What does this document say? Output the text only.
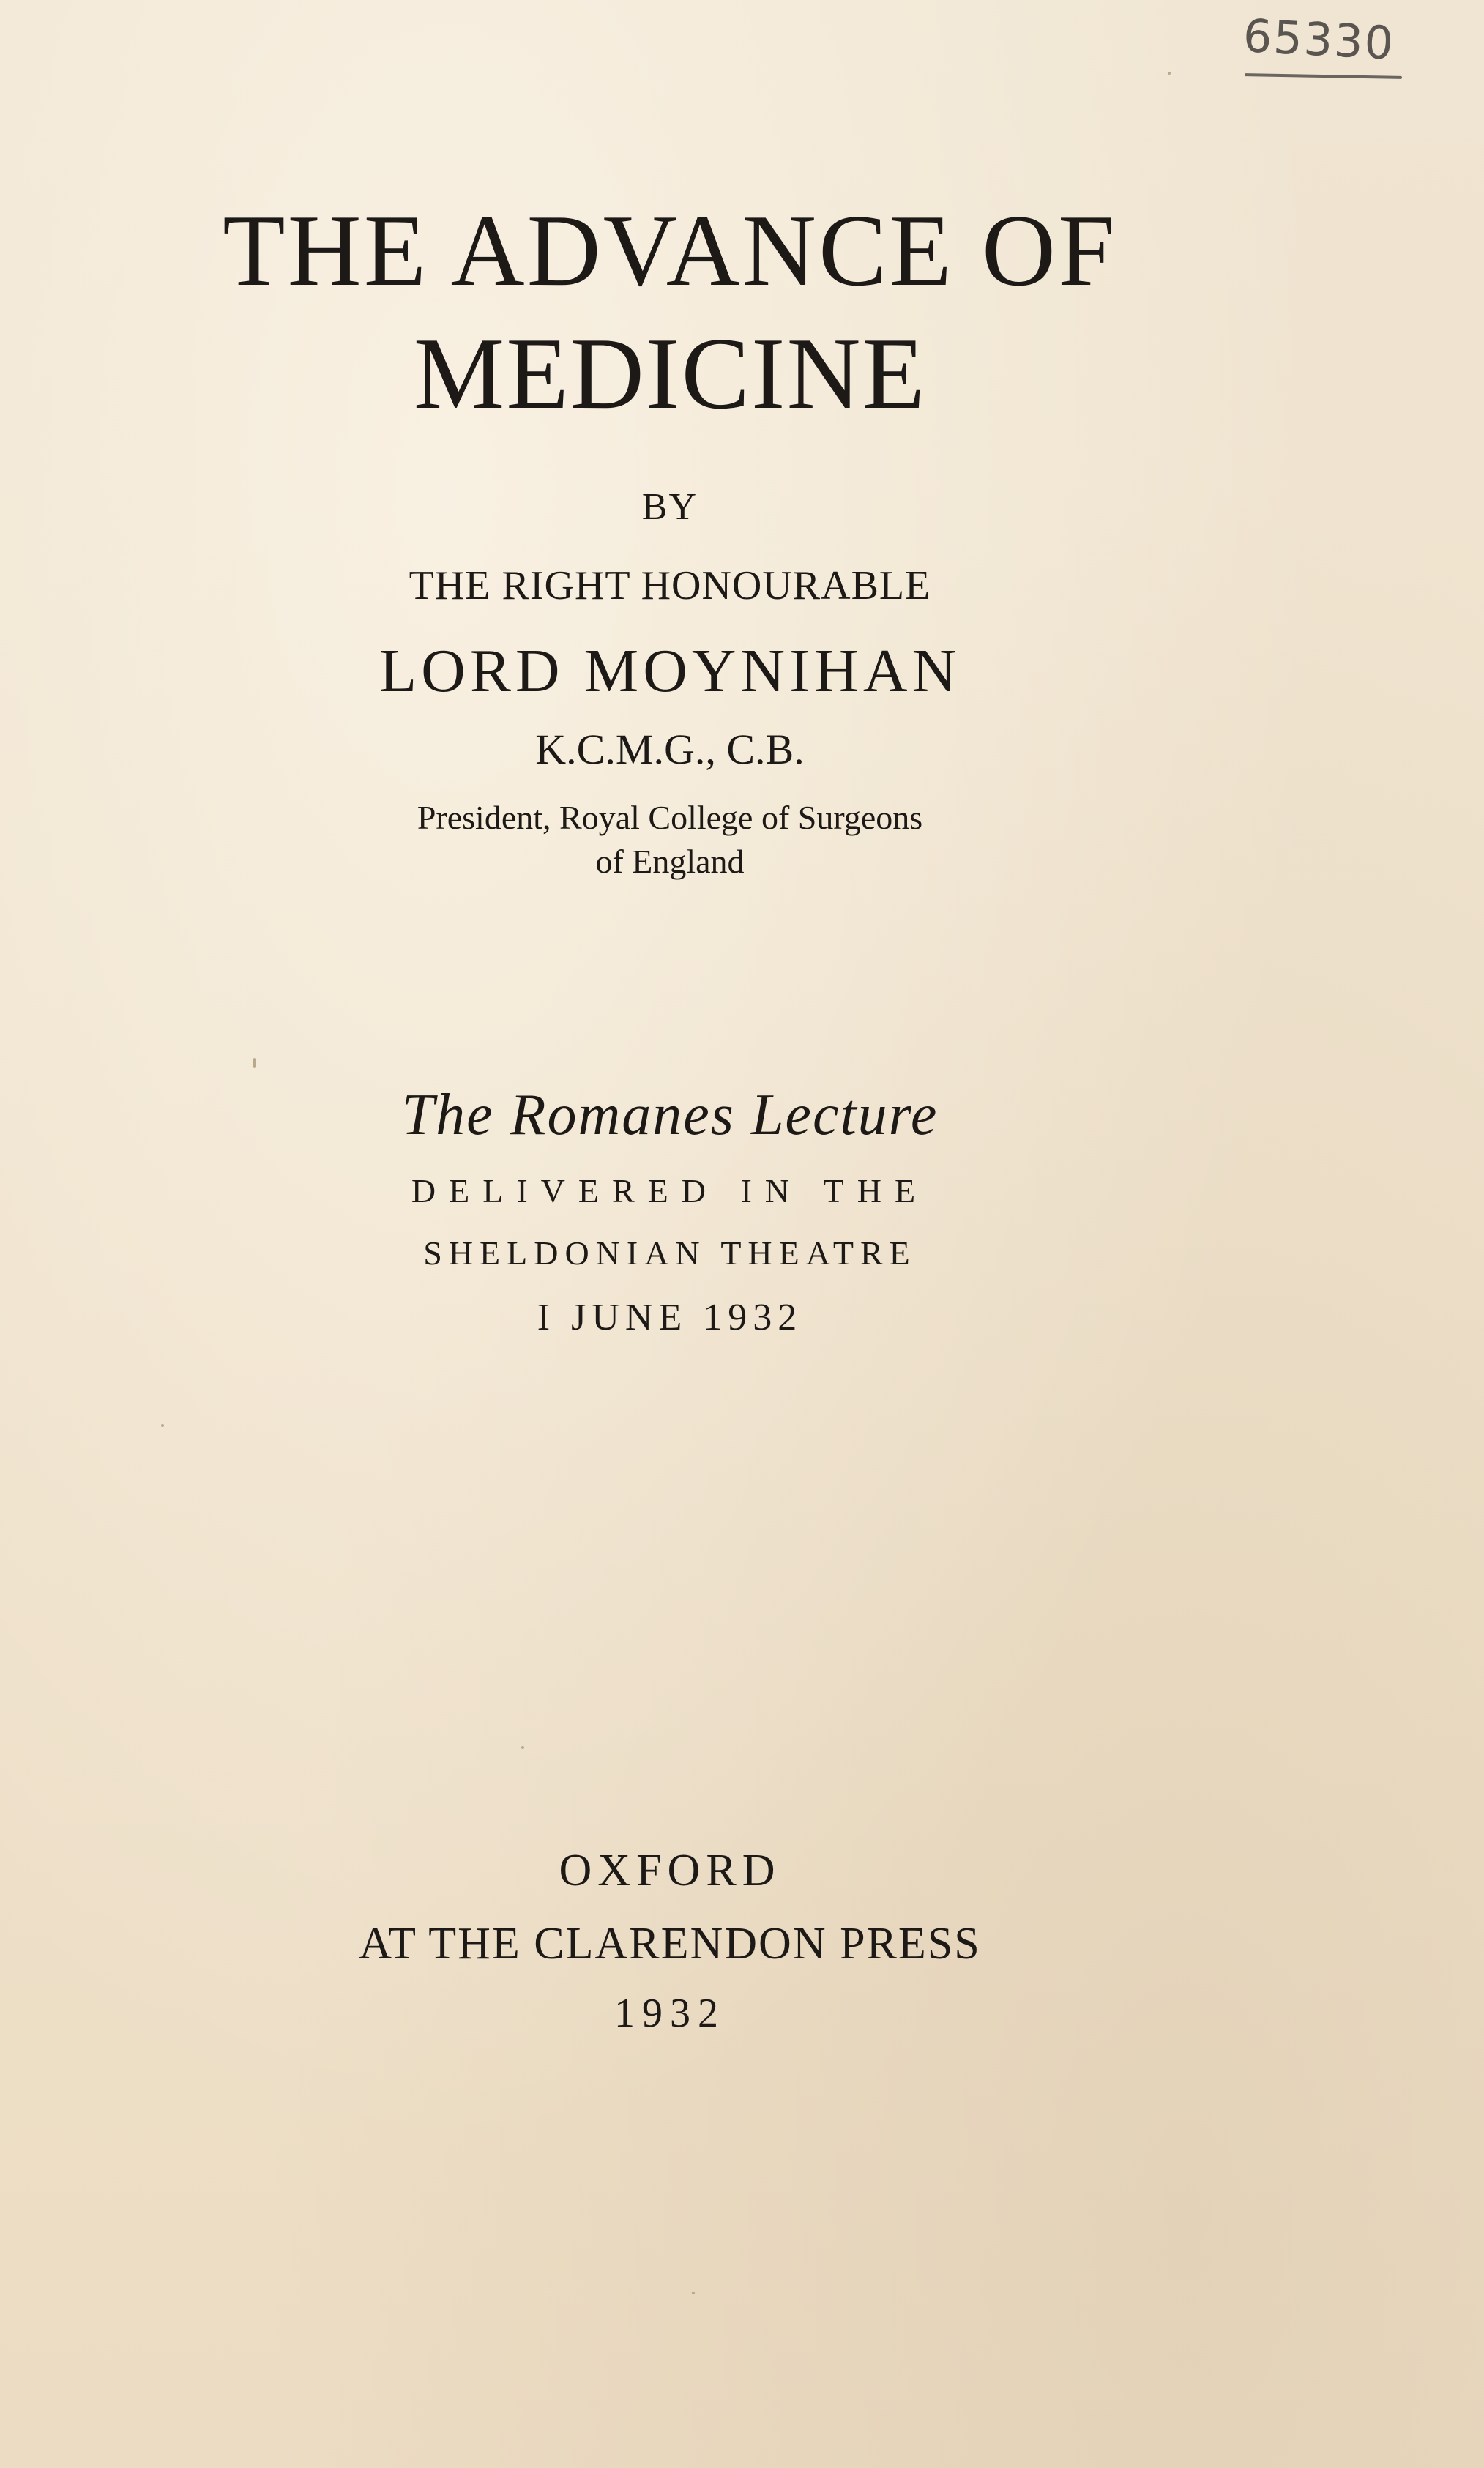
65330
THE ADVANCE OF
MEDICINE
BY
THE RIGHT HONOURABLE
LORD MOYNIHAN
K.C.M.G., C.B.
President, Royal College of Surgeons
of England
The Romanes Lecture
DELIVERED IN THE
SHELDONIAN THEATRE
I JUNE 1932
OXFORD
AT THE CLARENDON PRESS
1932
